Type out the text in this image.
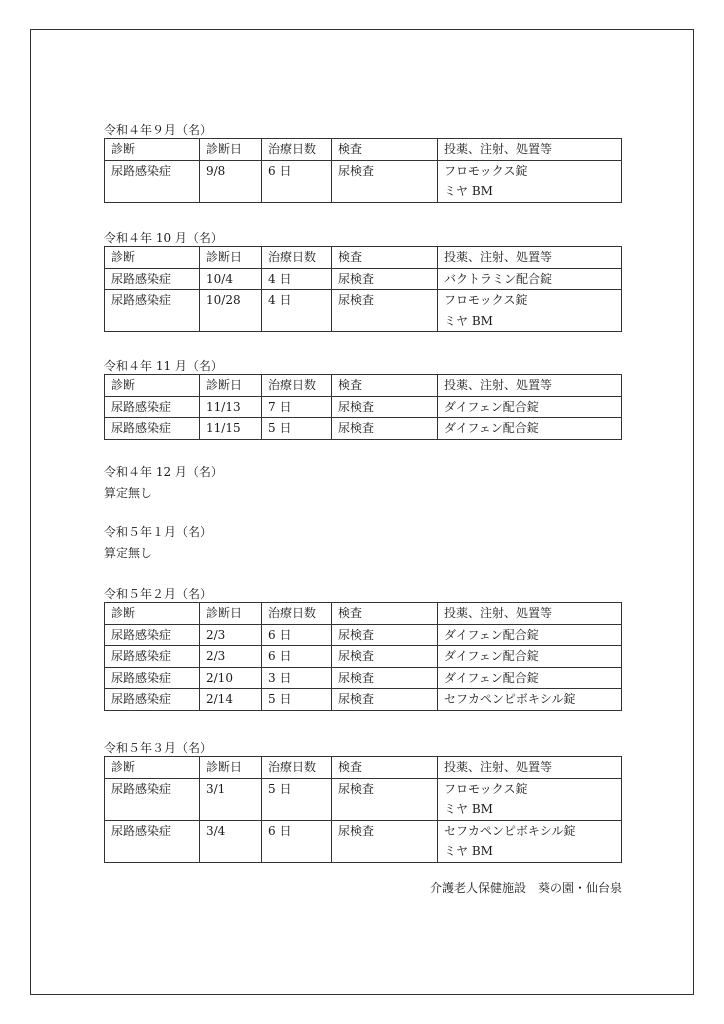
令和４年９月（名）
診断	診断日	治療日数	検査	投薬、注射、処置等
尿路感染症	9/8	6 日	尿検査	フロモックス錠
ミヤ BM
令和４年 10 月（名）
診断	診断日	治療日数	検査	投薬、注射、処置等
尿路感染症	10/4	4 日	尿検査	バクトラミン配合錠

尿路感染症	10/28	4 日	尿検査	フロモックス錠
ミヤ BM
令和４年 11 月（名）
診断	診断日	治療日数	検査	投薬、注射、処置等
尿路感染症	11/13	7 日	尿検査	ダイフェン配合錠

尿路感染症	11/15	5 日	尿検査	ダイフェン配合錠
令和４年 12 月（名）
算定無し
令和５年１月（名）
算定無し
令和５年２月（名）
診断	診断日	治療日数	検査	投薬、注射、処置等
尿路感染症	2/3	6 日	尿検査	ダイフェン配合錠

尿路感染症	2/3	6 日	尿検査	ダイフェン配合錠

尿路感染症	2/10	3 日	尿検査	ダイフェン配合錠

尿路感染症	2/14	5 日	尿検査	セフカペンピボキシル錠
令和５年３月（名）
診断	診断日	治療日数	検査	投薬、注射、処置等
尿路感染症	3/1	5 日	尿検査	フロモックス錠
ミヤ BM

尿路感染症	3/4	6 日	尿検査	セフカペンピボキシル錠
ミヤ BM
介護老人保健施設　葵の園・仙台泉
